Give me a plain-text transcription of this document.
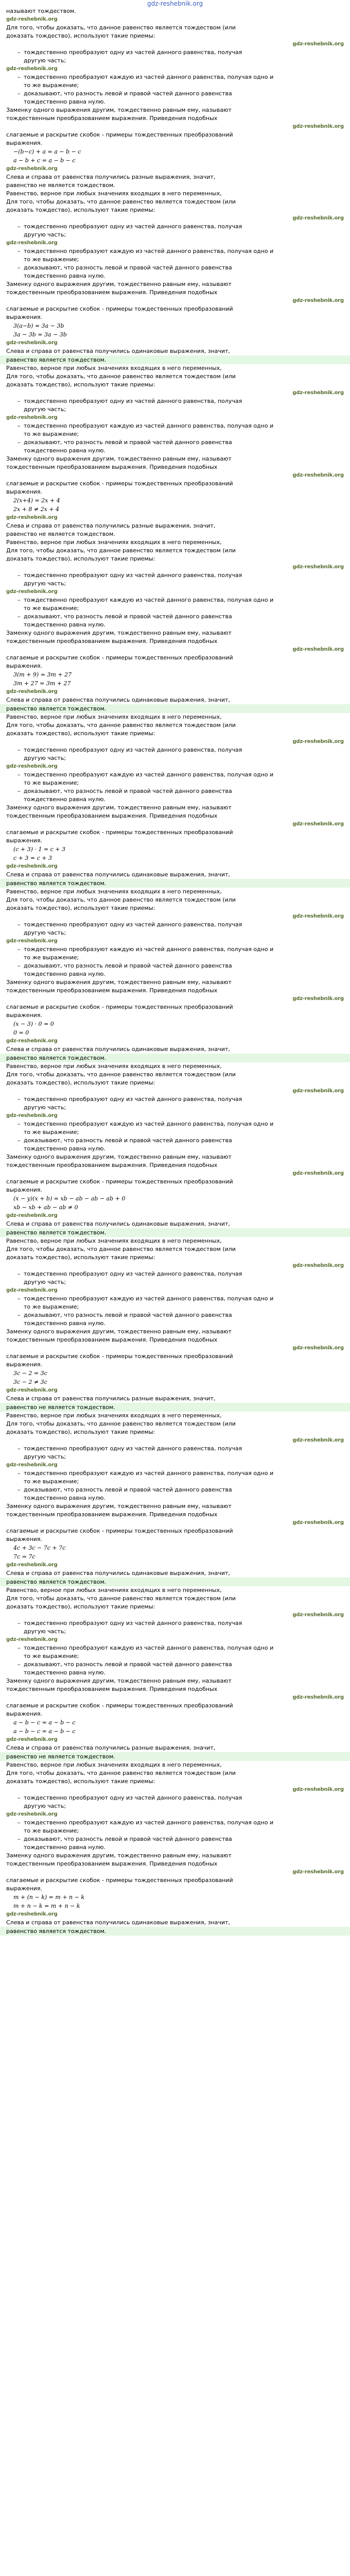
gdz-reshebnik.org
называют тождеством.
gdz-reshebnik.org
Для того, чтобы доказать, что данное равенство является тождеством (или
доказать тождество), используют такие приемы:
gdz-reshebnik.org
– тождественно преобразуют одну из частей данного равенства, получая
другую часть;
gdz-reshebnik.org
– тождественно преобразуют каждую из частей данного равенства, получая одно и
то же выражение;
– доказывают, что разность левой и правой частей данного равенства
тождественно равна нулю.
Заменку одного выражения другим, тождественно равным ему, называют
тождественным преобразованием выражения. Приведения подобных
gdz-reshebnik.org
слагаемые и раскрытие скобок - примеры тождественных преобразований
выражения.
−(b−c) + a = a − b − c
a − b + c = a − b − c
gdz-reshebnik.org
Слева и справа от равенства получились разные выражения, значит,
равенство не является тождеством.
Равенство, верное при любых значениях входящих в него переменных,
Для того, чтобы доказать, что данное равенство является тождеством (или
доказать тождество), используют такие приемы:
gdz-reshebnik.org
– тождественно преобразуют одну из частей данного равенства, получая
другую часть;
gdz-reshebnik.org
– тождественно преобразуют каждую из частей данного равенства, получая одно и
то же выражение;
– доказывают, что разность левой и правой частей данного равенства
тождественно равна нулю.
Заменку одного выражения другим, тождественно равным ему, называют
тождественным преобразованием выражения. Приведения подобных
gdz-reshebnik.org
слагаемые и раскрытие скобок - примеры тождественных преобразований
выражения.
3(a−b) = 3a − 3b
3a − 3b = 3a − 3b
gdz-reshebnik.org
Слева и справа от равенства получились одинаковые выражения, значит,
равенство является тождеством.
Равенство, верное при любых значениях входящих в него переменных,
Для того, чтобы доказать, что данное равенство является тождеством (или
доказать тождество), используют такие приемы:
gdz-reshebnik.org
– тождественно преобразуют одну из частей данного равенства, получая
другую часть;
gdz-reshebnik.org
– тождественно преобразуют каждую из частей данного равенства, получая одно и
то же выражение;
– доказывают, что разность левой и правой частей данного равенства
тождественно равна нулю.
Заменку одного выражения другим, тождественно равным ему, называют
тождественным преобразованием выражения. Приведения подобных
gdz-reshebnik.org
слагаемые и раскрытие скобок - примеры тождественных преобразований
выражения.
2(x+4) = 2x + 4
2x + 8 ≠ 2x + 4
gdz-reshebnik.org
Слева и справа от равенства получились разные выражения, значит,
равенство не является тождеством.
Равенство, верное при любых значениях входящих в него переменных,
Для того, чтобы доказать, что данное равенство является тождеством (или
доказать тождество), используют такие приемы:
gdz-reshebnik.org
– тождественно преобразуют одну из частей данного равенства, получая
другую часть;
gdz-reshebnik.org
– тождественно преобразуют каждую из частей данного равенства, получая одно и
то же выражение;
– доказывают, что разность левой и правой частей данного равенства
тождественно равна нулю.
Заменку одного выражения другим, тождественно равным ему, называют
тождественным преобразованием выражения. Приведения подобных
gdz-reshebnik.org
слагаемые и раскрытие скобок - примеры тождественных преобразований
выражения.
3(m + 9) = 3m + 27
3m + 27 = 3m + 27
gdz-reshebnik.org
Слева и справа от равенства получились одинаковые выражения, значит,
равенство является тождеством.
Равенство, верное при любых значениях входящих в него переменных,
Для того, чтобы доказать, что данное равенство является тождеством (или
доказать тождество), используют такие приемы:
gdz-reshebnik.org
– тождественно преобразуют одну из частей данного равенства, получая
другую часть;
gdz-reshebnik.org
– тождественно преобразуют каждую из частей данного равенства, получая одно и
то же выражение;
– доказывают, что разность левой и правой частей данного равенства
тождественно равна нулю.
Заменку одного выражения другим, тождественно равным ему, называют
тождественным преобразованием выражения. Приведения подобных
gdz-reshebnik.org
слагаемые и раскрытие скобок - примеры тождественных преобразований
выражения.
(c + 3) · 1 = c + 3
c + 3 = c + 3
gdz-reshebnik.org
Слева и справа от равенства получились одинаковые выражения, значит,
равенство является тождеством.
Равенство, верное при любых значениях входящих в него переменных,
Для того, чтобы доказать, что данное равенство является тождеством (или
доказать тождество), используют такие приемы:
gdz-reshebnik.org
– тождественно преобразуют одну из частей данного равенства, получая
другую часть;
gdz-reshebnik.org
– тождественно преобразуют каждую из частей данного равенства, получая одно и
то же выражение;
– доказывают, что разность левой и правой частей данного равенства
тождественно равна нулю.
Заменку одного выражения другим, тождественно равным ему, называют
тождественным преобразованием выражения. Приведения подобных
gdz-reshebnik.org
слагаемые и раскрытие скобок - примеры тождественных преобразований
выражения.
(x − 3) · 0 = 0
0 = 0
gdz-reshebnik.org
Слева и справа от равенства получились одинаковые выражения, значит,
равенство является тождеством.
Равенство, верное при любых значениях входящих в него переменных,
Для того, чтобы доказать, что данное равенство является тождеством (или
доказать тождество), используют такие приемы:
gdz-reshebnik.org
– тождественно преобразуют одну из частей данного равенства, получая
другую часть;
gdz-reshebnik.org
– тождественно преобразуют каждую из частей данного равенства, получая одно и
то же выражение;
– доказывают, что разность левой и правой частей данного равенства
тождественно равна нулю.
Заменку одного выражения другим, тождественно равным ему, называют
тождественным преобразованием выражения. Приведения подобных
gdz-reshebnik.org
слагаемые и раскрытие скобок - примеры тождественных преобразований
выражения.
(x − y)(x + b) = xb − ab − ab − ab + 0
xb − xb + ab − ab ≠ 0
gdz-reshebnik.org
Слева и справа от равенства получились одинаковые выражения, значит,
равенство является тождеством.
Равенство, верное при любых значениях входящих в него переменных,
Для того, чтобы доказать, что данное равенство является тождеством (или
доказать тождество), используют такие приемы:
gdz-reshebnik.org
– тождественно преобразуют одну из частей данного равенства, получая
другую часть;
gdz-reshebnik.org
– тождественно преобразуют каждую из частей данного равенства, получая одно и
то же выражение;
– доказывают, что разность левой и правой частей данного равенства
тождественно равна нулю.
Заменку одного выражения другим, тождественно равным ему, называют
тождественным преобразованием выражения. Приведения подобных
gdz-reshebnik.org
слагаемые и раскрытие скобок - примеры тождественных преобразований
выражения.
3c − 2 = 3c
3c − 2 ≠ 3c
gdz-reshebnik.org
Слева и справа от равенства получились разные выражения, значит,
равенство не является тождеством.
Равенство, верное при любых значениях входящих в него переменных,
Для того, чтобы доказать, что данное равенство является тождеством (или
доказать тождество), используют такие приемы:
gdz-reshebnik.org
– тождественно преобразуют одну из частей данного равенства, получая
другую часть;
gdz-reshebnik.org
– тождественно преобразуют каждую из частей данного равенства, получая одно и
то же выражение;
– доказывают, что разность левой и правой частей данного равенства
тождественно равна нулю.
Заменку одного выражения другим, тождественно равным ему, называют
тождественным преобразованием выражения. Приведения подобных
gdz-reshebnik.org
слагаемые и раскрытие скобок - примеры тождественных преобразований
выражения.
4c + 3c − 7c + 7c
7c = 7c
gdz-reshebnik.org
Слева и справа от равенства получились одинаковые выражения, значит,
равенство является тождеством.
Равенство, верное при любых значениях входящих в него переменных,
Для того, чтобы доказать, что данное равенство является тождеством (или
доказать тождество), используют такие приемы:
gdz-reshebnik.org
– тождественно преобразуют одну из частей данного равенства, получая
другую часть;
gdz-reshebnik.org
– тождественно преобразуют каждую из частей данного равенства, получая одно и
то же выражение;
– доказывают, что разность левой и правой частей данного равенства
тождественно равна нулю.
Заменку одного выражения другим, тождественно равным ему, называют
тождественным преобразованием выражения. Приведения подобных
gdz-reshebnik.org
слагаемые и раскрытие скобок - примеры тождественных преобразований
выражения.
a − b − c = a − b − c
a − b − c = a − b − c
gdz-reshebnik.org
Слева и справа от равенства получились разные выражения, значит,
равенство не является тождеством.
Равенство, верное при любых значениях входящих в него переменных,
Для того, чтобы доказать, что данное равенство является тождеством (или
доказать тождество), используют такие приемы:
gdz-reshebnik.org
– тождественно преобразуют одну из частей данного равенства, получая
другую часть;
gdz-reshebnik.org
– тождественно преобразуют каждую из частей данного равенства, получая одно и
то же выражение;
– доказывают, что разность левой и правой частей данного равенства
тождественно равна нулю.
Заменку одного выражения другим, тождественно равным ему, называют
тождественным преобразованием выражения. Приведения подобных
gdz-reshebnik.org
слагаемые и раскрытие скобок - примеры тождественных преобразований
выражения.
m + (n − k) = m + n − k
m + n − k = m + n − k
gdz-reshebnik.org
Слева и справа от равенства получились одинаковые выражения, значит,
равенство является тождеством.
